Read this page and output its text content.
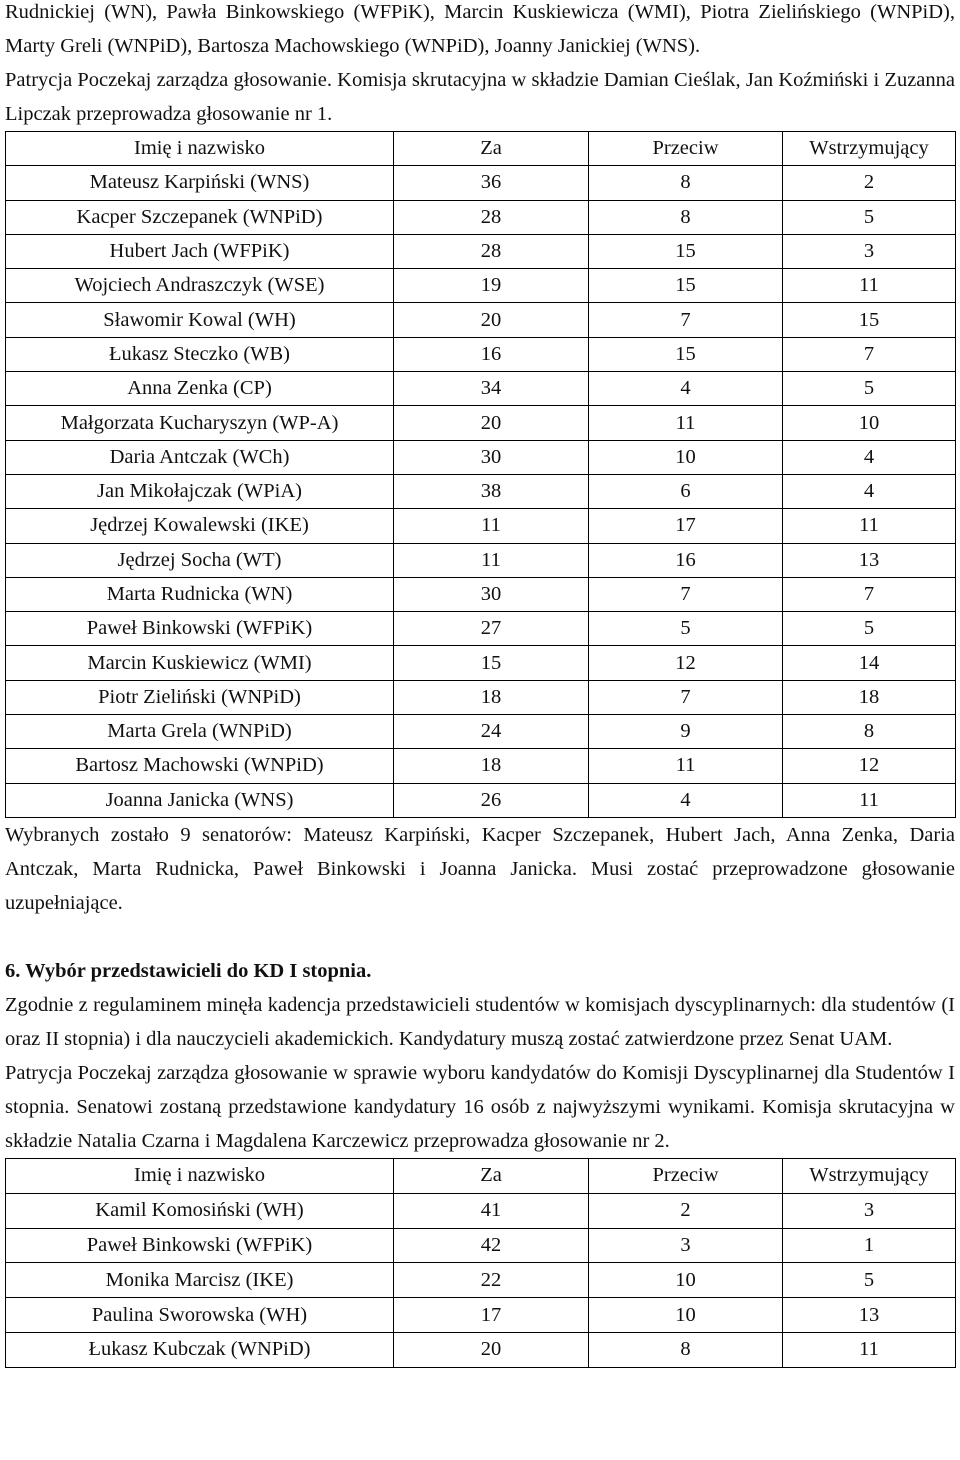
Rudnickiej (WN), Pawła Binkowskiego (WFPiK), Marcin Kuskiewicza (WMI), Piotra Zielińskiego (WNPiD), Marty Greli (WNPiD), Bartosza Machowskiego (WNPiD), Joanny Janickiej (WNS).

Patrycja Poczekaj zarządza głosowanie. Komisja skrutacyjna w składzie Damian Cieślak, Jan Koźmiński i Zuzanna Lipczak przeprowadza głosowanie nr 1.

Imię i nazwisko	Za	Przeciw	Wstrzymujący
Mateusz Karpiński (WNS)	36	8	2
Kacper Szczepanek (WNPiD)	28	8	5
Hubert Jach (WFPiK)	28	15	3
Wojciech Andraszczyk (WSE)	19	15	11
Sławomir Kowal (WH)	20	7	15
Łukasz Steczko (WB)	16	15	7
Anna Zenka (CP)	34	4	5
Małgorzata Kucharyszyn (WP-A)	20	11	10
Daria Antczak (WCh)	30	10	4
Jan Mikołajczak (WPiA)	38	6	4
Jędrzej Kowalewski (IKE)	11	17	11
Jędrzej Socha (WT)	11	16	13
Marta Rudnicka (WN)	30	7	7
Paweł Binkowski (WFPiK)	27	5	5
Marcin Kuskiewicz (WMI)	15	12	14
Piotr Zieliński (WNPiD)	18	7	18
Marta Grela (WNPiD)	24	9	8
Bartosz Machowski (WNPiD)	18	11	12
Joanna Janicka (WNS)	26	4	11

Wybranych zostało 9 senatorów: Mateusz Karpiński, Kacper Szczepanek, Hubert Jach, Anna Zenka, Daria Antczak, Marta Rudnicka, Paweł Binkowski i Joanna Janicka. Musi zostać przeprowadzone głosowanie uzupełniające.

6. Wybór przedstawicieli do KD I stopnia.

Zgodnie z regulaminem minęła kadencja przedstawicieli studentów w komisjach dyscyplinarnych: dla studentów (I oraz II stopnia) i dla nauczycieli akademickich. Kandydatury muszą zostać zatwierdzone przez Senat UAM.

Patrycja Poczekaj zarządza głosowanie w sprawie wyboru kandydatów do Komisji Dyscyplinarnej dla Studentów I stopnia. Senatowi zostaną przedstawione kandydatury 16 osób z najwyższymi wynikami. Komisja skrutacyjna w składzie Natalia Czarna i Magdalena Karczewicz przeprowadza głosowanie nr 2.

Imię i nazwisko	Za	Przeciw	Wstrzymujący
Kamil Komosiński (WH)	41	2	3
Paweł Binkowski (WFPiK)	42	3	1
Monika Marcisz (IKE)	22	10	5
Paulina Sworowska (WH)	17	10	13
Łukasz Kubczak (WNPiD)	20	8	11
